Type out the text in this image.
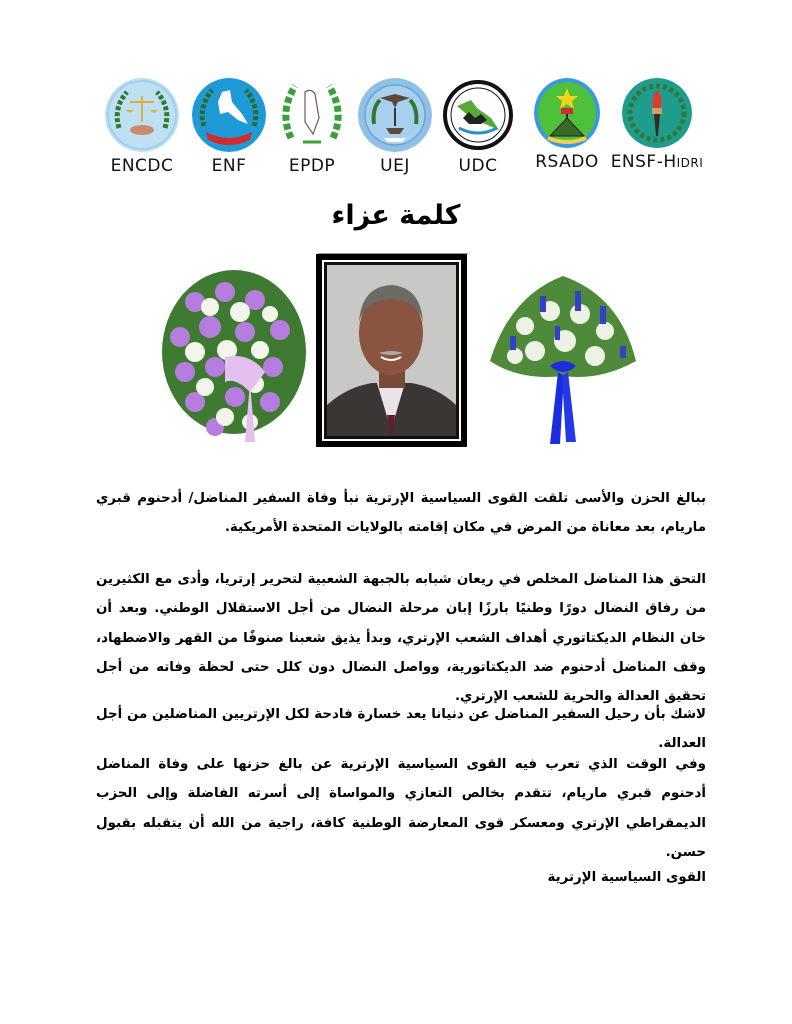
ENCDC	ENF	EPDP	UEJ	UDC	RSADO ENSF-HIDRI
كلمة عزاء

ببالغ الحزن والأسى تلقت القوى السياسية الإرترية نبأ وفاة السفير المناضل/ أدحنوم قبري ماريام، بعد معاناة من المرض في مكان إقامته بالولايات المتحدة الأمريكية.

التحق هذا المناضل المخلص في ريعان شبابه بالجبهة الشعبية لتحرير إرتريا، وأدى مع الكثيرين من رفاق النضال دورًا وطنيًا بارزًا إبان مرحلة النضال من أجل الاستقلال الوطني. وبعد أن خان النظام الديكتاتوري أهداف الشعب الإرتري، وبدأ يذيق شعبنا صنوفًا من القهر والاضطهاد، وقف المناضل أدحنوم ضد الديكتاتورية، وواصل النضال دون كلل حتى لحظة وفاته من أجل تحقيق العدالة والحرية للشعب الإرتري.

لاشك بأن رحيل السفير المناضل عن دنيانا يعد خسارة فادحة لكل الإرتريين المناضلين من أجل العدالة.

وفي الوقت الذي تعرب فيه القوى السياسية الإرترية عن بالغ حزنها على وفاة المناضل أدحنوم قبري ماريام، تتقدم بخالص التعازي والمواساة إلى أسرته الفاضلة وإلى الحزب الديمقراطي الإرتري ومعسكر قوى المعارضة الوطنية كافة، راجية من الله أن يتقبله بقبول حسن.

القوى السياسية الإرترية
